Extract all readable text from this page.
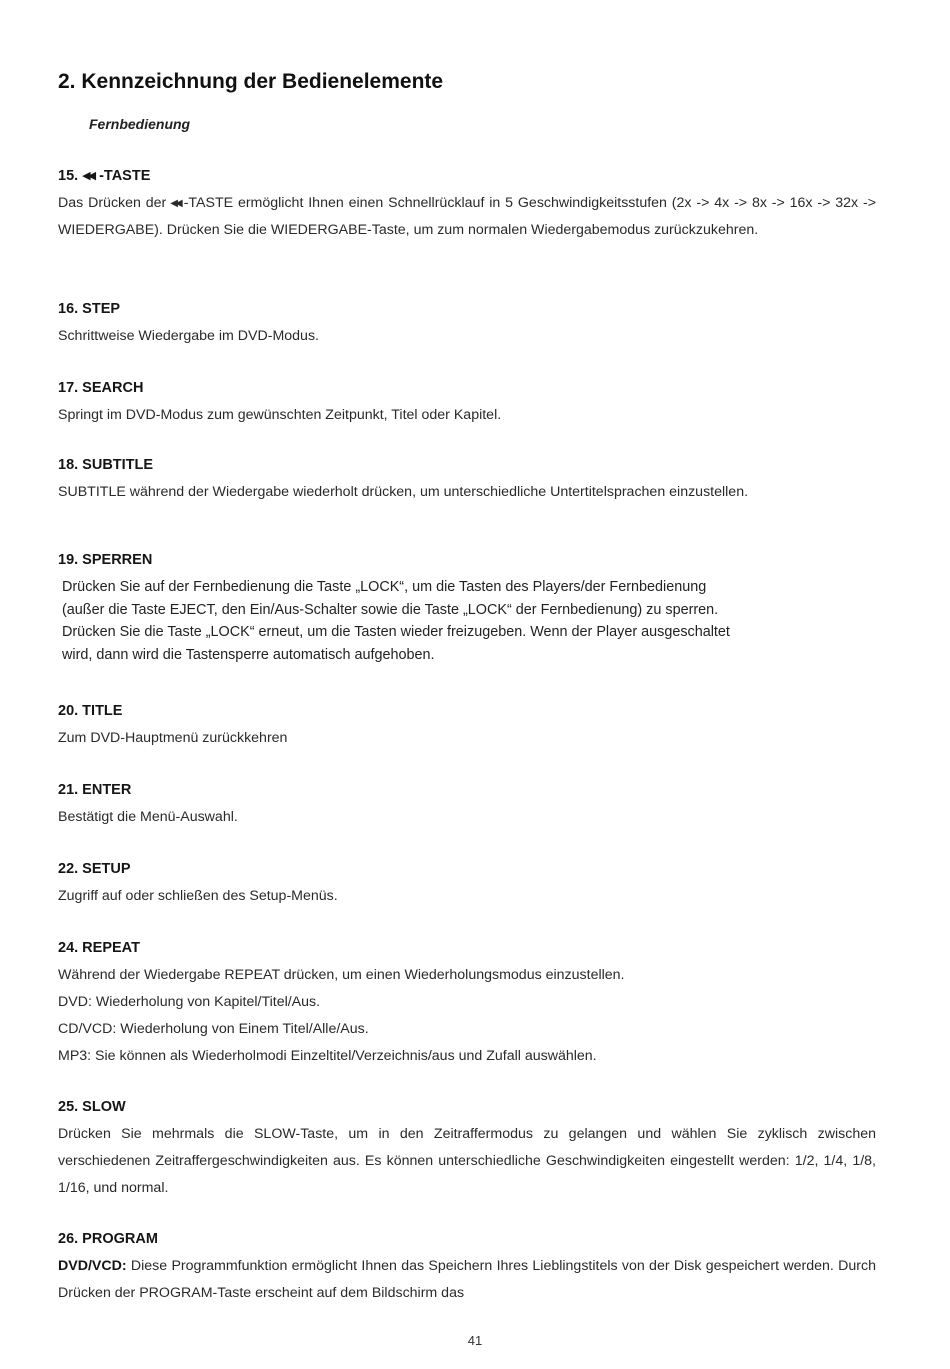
2. Kennzeichnung der Bedienelemente
Fernbedienung
15. ◀◀ -TASTE

Das Drücken der ◀◀ -TASTE ermöglicht Ihnen einen Schnellrücklauf in 5 Geschwindigkeitsstufen (2x -> 4x -> 8x -> 16x -> 32x -> WIEDERGABE). Drücken Sie die WIEDERGABE-Taste, um zum normalen Wiedergabemodus zurückzukehren.

16. STEP

Schrittweise Wiedergabe im DVD-Modus.

17. SEARCH

Springt im DVD-Modus zum gewünschten Zeitpunkt, Titel oder Kapitel.

18. SUBTITLE

SUBTITLE während der Wiedergabe wiederholt drücken, um unterschiedliche Untertitelsprachen einzustellen.

19. SPERREN

Drücken Sie auf der Fernbedienung die Taste „LOCK“, um die Tasten des Players/der Fernbedienung
(außer die Taste EJECT, den Ein/Aus-Schalter sowie die Taste „LOCK“ der Fernbedienung) zu sperren.
Drücken Sie die Taste „LOCK“ erneut, um die Tasten wieder freizugeben. Wenn der Player ausgeschaltet
wird, dann wird die Tastensperre automatisch aufgehoben.

20. TITLE

Zum DVD-Hauptmenü zurückkehren

21. ENTER

Bestätigt die Menü-Auswahl.

22. SETUP

Zugriff auf oder schließen des Setup-Menüs.

24. REPEAT

Während der Wiedergabe REPEAT drücken, um einen Wiederholungsmodus einzustellen.
DVD: Wiederholung von Kapitel/Titel/Aus.
CD/VCD: Wiederholung von Einem Titel/Alle/Aus.
MP3: Sie können als Wiederholmodi Einzeltitel/Verzeichnis/aus und Zufall auswählen.

25. SLOW

Drücken Sie mehrmals die SLOW-Taste, um in den Zeitraffermodus zu gelangen und wählen Sie zyklisch zwischen verschiedenen Zeitraffergeschwindigkeiten aus. Es können unterschiedliche Geschwindigkeiten eingestellt werden: 1/2, 1/4, 1/8, 1/16, und normal.

26. PROGRAM

DVD/VCD: Diese Programmfunktion ermöglicht Ihnen das Speichern Ihres Lieblingstitels von der Disk gespeichert werden. Durch Drücken der PROGRAM-Taste erscheint auf dem Bildschirm das

41
